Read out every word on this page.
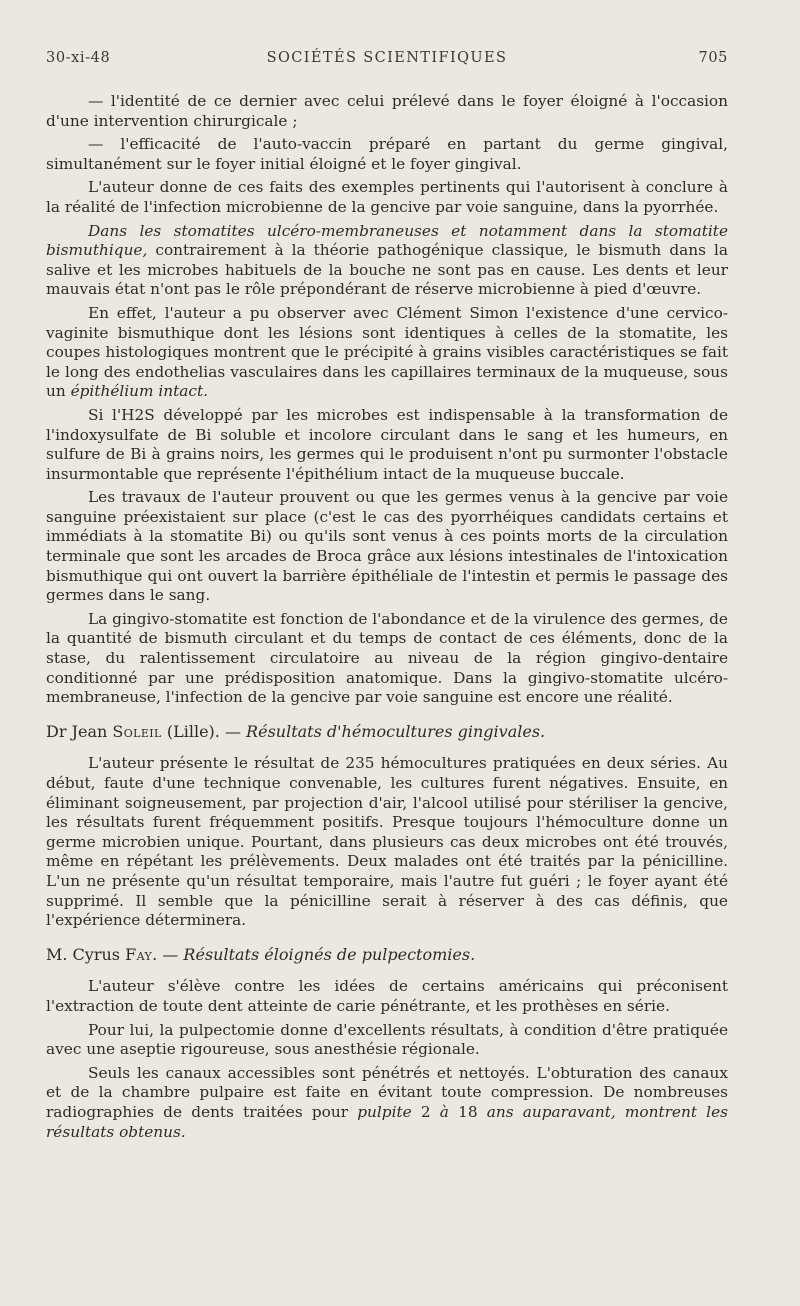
30-xi-48	SOCIÉTÉS SCIENTIFIQUES	705

— l'identité de ce dernier avec celui prélevé dans le foyer éloigné à l'occasion d'une intervention chirurgicale ;

— l'efficacité de l'auto-vaccin préparé en partant du germe gingival, simultanément sur le foyer initial éloigné et le foyer gingival.

L'auteur donne de ces faits des exemples pertinents qui l'autorisent à conclure à la réalité de l'infection microbienne de la gencive par voie sanguine, dans la pyorrhée.

Dans les stomatites ulcéro-membraneuses et notamment dans la stomatite bismuthique, contrairement à la théorie pathogénique classique, le bismuth dans la salive et les microbes habituels de la bouche ne sont pas en cause. Les dents et leur mauvais état n'ont pas le rôle prépondérant de réserve microbienne à pied d'œuvre.

En effet, l'auteur a pu observer avec Clément Simon l'existence d'une cervico-vaginite bismuthique dont les lésions sont identiques à celles de la stomatite, les coupes histologiques montrent que le précipité à grains visibles caractéristiques se fait le long des endothelias vasculaires dans les capillaires terminaux de la muqueuse, sous un épithélium intact.

Si l'H2S développé par les microbes est indispensable à la transformation de l'indoxysulfate de Bi soluble et incolore circulant dans le sang et les humeurs, en sulfure de Bi à grains noirs, les germes qui le produisent n'ont pu surmonter l'obstacle insurmontable que représente l'épithélium intact de la muqueuse buccale.

Les travaux de l'auteur prouvent ou que les germes venus à la gencive par voie sanguine préexistaient sur place (c'est le cas des pyorrhéiques candidats certains et immédiats à la stomatite Bi) ou qu'ils sont venus à ces points morts de la circulation terminale que sont les arcades de Broca grâce aux lésions intestinales de l'intoxication bismuthique qui ont ouvert la barrière épithéliale de l'intestin et permis le passage des germes dans le sang.

La gingivo-stomatite est fonction de l'abondance et de la virulence des germes, de la quantité de bismuth circulant et du temps de contact de ces éléments, donc de la stase, du ralentissement circulatoire au niveau de la région gingivo-dentaire conditionné par une prédisposition anatomique. Dans la gingivo-stomatite ulcéro-membraneuse, l'infection de la gencive par voie sanguine est encore une réalité.

Dr Jean Soleil (Lille). — Résultats d'hémocultures gingivales.

L'auteur présente le résultat de 235 hémocultures pratiquées en deux séries. Au début, faute d'une technique convenable, les cultures furent négatives. Ensuite, en éliminant soigneusement, par projection d'air, l'alcool utilisé pour stériliser la gencive, les résultats furent fréquemment positifs. Presque toujours l'hémoculture donne un germe microbien unique. Pourtant, dans plusieurs cas deux microbes ont été trouvés, même en répétant les prélèvements. Deux malades ont été traités par la pénicilline. L'un ne présente qu'un résultat temporaire, mais l'autre fut guéri ; le foyer ayant été supprimé. Il semble que la pénicilline serait à réserver à des cas définis, que l'expérience déterminera.

M. Cyrus Fay. — Résultats éloignés de pulpectomies.

L'auteur s'élève contre les idées de certains américains qui préconisent l'extraction de toute dent atteinte de carie pénétrante, et les prothèses en série.

Pour lui, la pulpectomie donne d'excellents résultats, à condition d'être pratiquée avec une aseptie rigoureuse, sous anesthésie régionale.

Seuls les canaux accessibles sont pénétrés et nettoyés. L'obturation des canaux et de la chambre pulpaire est faite en évitant toute compression. De nombreuses radiographies de dents traitées pour pulpite 2 à 18 ans auparavant, montrent les résultats obtenus.
